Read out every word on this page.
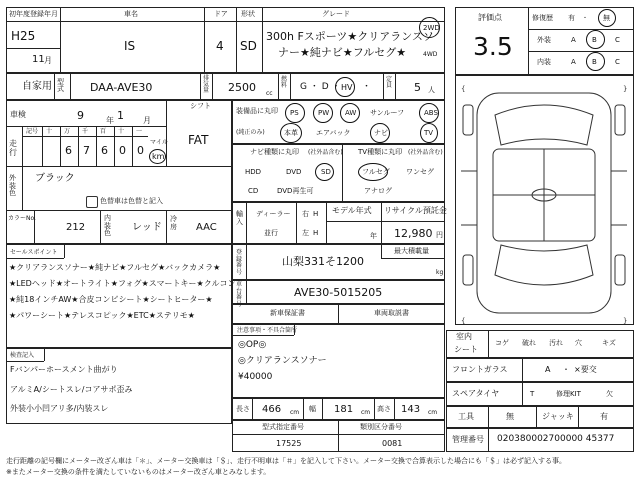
初年度登録年月
H25
11 月
車名
IS
ドア
4
形状
SD
グレード
300h Fスポーツ★クリアランスソ
ナー★純ナビ★フルセグ★
2WD
4WD
自家用 型式 DAA-AVE30
排気量 2500 cc
燃料 G ・ D ・ HV ・
定員 5 人
車検	9	年 1 月
シフト
FAT
走行
記号 十 万 千 百 十 一
6 7 6 0 0
マイル
km
外装色
ブラック
色替車は色替と記入
カラーNo.
212
内装色
レッド
冷房 AAC
セールスポイント
★クリアランスソナー★純ナビ★フルセグ★バックカメラ★
★LEDヘッド★オートライト★フォグ★スマートキー★クルコン
★純18インチAW★合皮コンビシート★シートヒーター★
★パワーシート★テレスコピック★ETC★ステリモ★
検査記入
Fバンパーホースメント曲がり
アルミA/シートスレ/コアサポ歪み
外装小小凹アリ多/内装スレ
装備品に丸印
(純正のみ)
PS	PW AW サンルーフ	ABS
本革	エアバック	ナビ	TV
ナビ種類に丸印 (社外品含む) TV種類に丸印 (社外品含む)
HDD	DVD	SD
CD	DVD再生可
フルセグ ワンセグ
アナログ
輸入
ディーラー
並行
右 H
左 H
モデル年式
年
リサイクル預託金
12,980 円
登録番号
山梨331そ1200
最大積載量
kg
車台番号
AVE30-5015205
新車保証書	車両取説書
注意事項・不具合箇所
◎OP◎
◎クリアランスソナー
¥40000
長さ 466 cm 幅 181 cm 高さ 143 cm
型式指定番号
17525
類別区分番号
0081
評価点
3.5
修復歴 有 ・ 無
外装	A B	C
内装	A B	C
{	}
{	}
室内
シート
コゲ 破れ 汚れ 穴	キズ
フロントガラス	A ・ ×要交
スペアタイヤ	T	修理KIT	欠
工具	無	ジャッキ	有
管理番号 020380002700000 45377
走行距離の記号欄にメーター改ざん車は「＊」、メーター交換車は「＄」、走行不明車は「＃」を記入して下さい。メーター交換で合算表示した場合にも「＄」は必ず記入する事。
※またメーター交換の条件を満たしていないものはメーター改ざん車とみなします。
